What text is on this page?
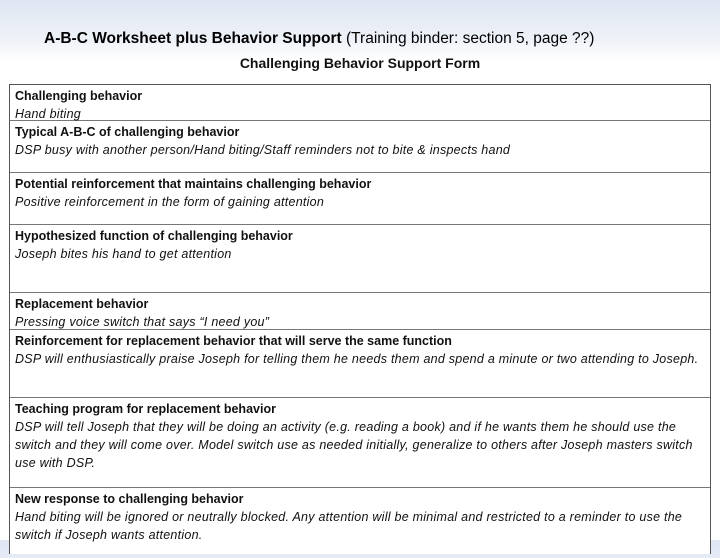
A-B-C Worksheet plus Behavior Support (Training binder: section 5, page ??)
Challenging Behavior Support Form
Challenging behavior
Hand biting
Typical A-B-C of challenging behavior
DSP busy with another person/Hand biting/Staff reminders not to bite & inspects hand
Potential reinforcement that maintains challenging behavior
Positive reinforcement in the form of gaining attention
Hypothesized function of challenging behavior
Joseph bites his hand to get attention
Replacement behavior
Pressing voice switch that says “I need you”
Reinforcement for replacement behavior that will serve the same function
DSP will enthusiastically praise Joseph for telling them he needs them and spend a minute or two attending to Joseph.
Teaching program for replacement behavior
DSP will tell Joseph that they will be doing an activity (e.g. reading a book) and if he wants them he should use the switch and they will come over. Model switch use as needed initially, generalize to others after Joseph masters switch use with DSP.
New response to challenging behavior
Hand biting will be ignored or neutrally blocked. Any attention will be minimal and restricted to a reminder to use the switch if Joseph wants attention.
